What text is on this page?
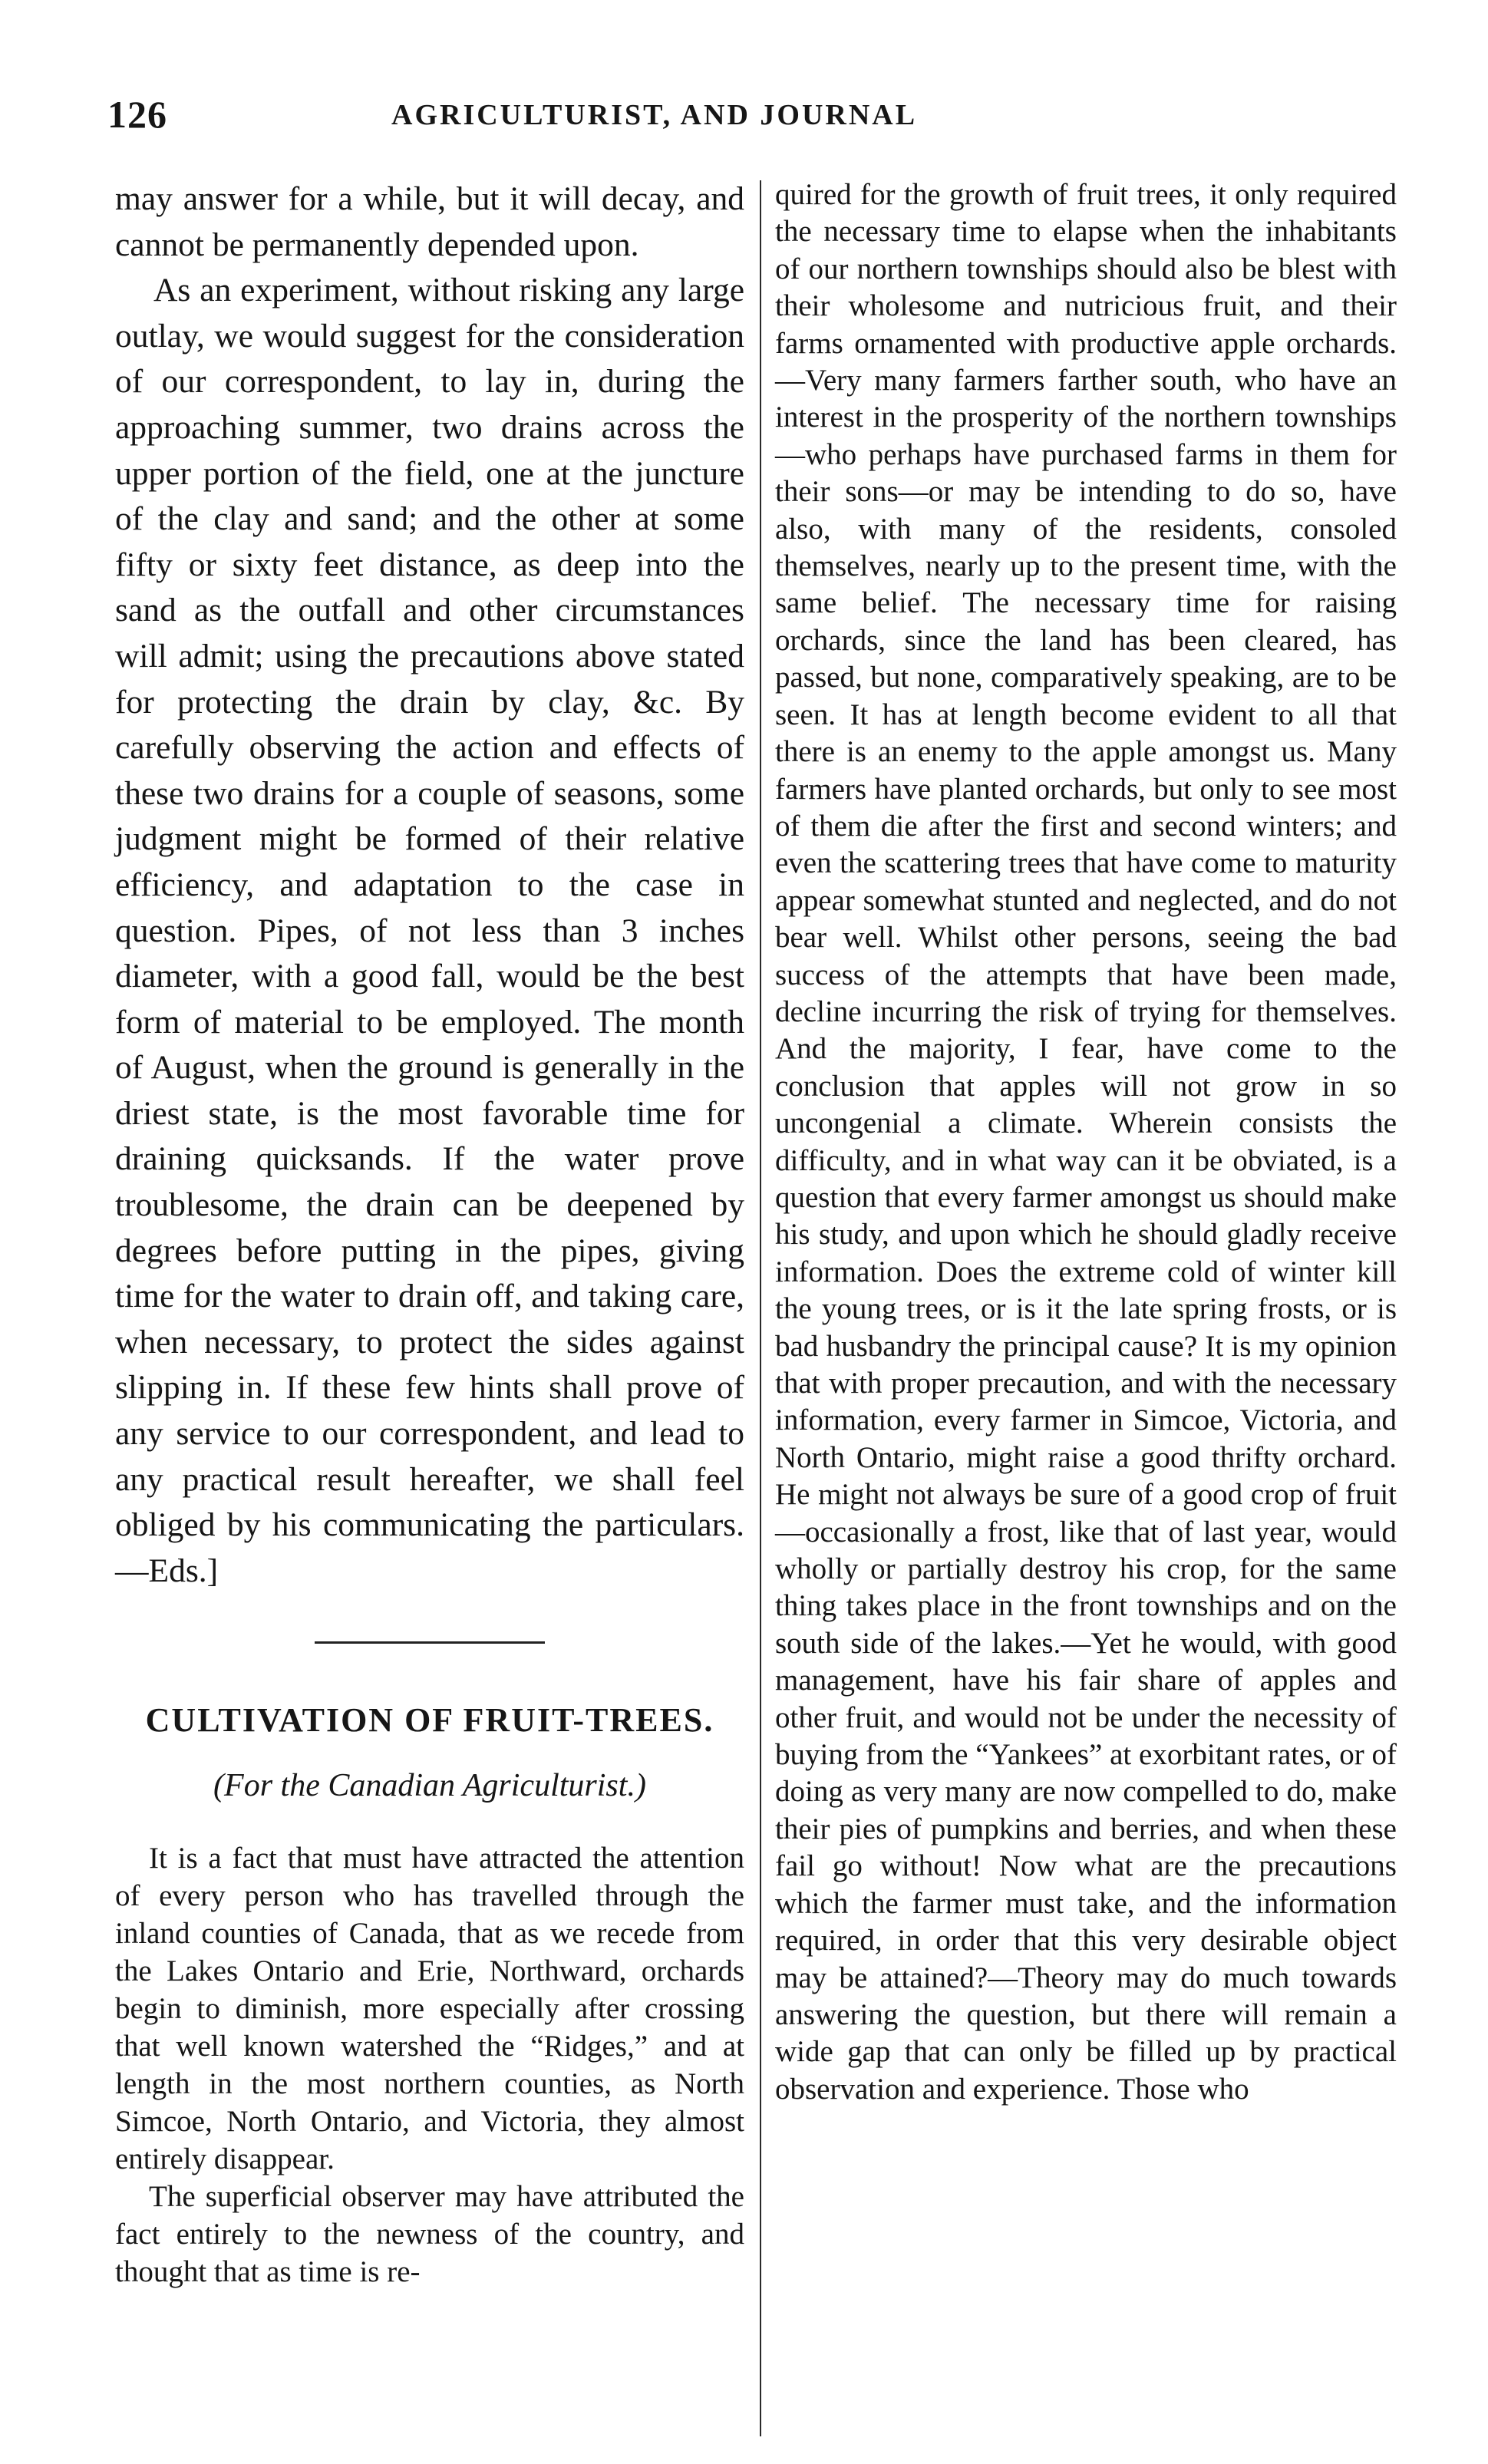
126	AGRICULTURIST, AND JOURNAL

may answer for a while, but it will decay, and cannot be permanently depended upon.

As an experiment, without risking any large outlay, we would suggest for the consideration of our correspondent, to lay in, during the approaching summer, two drains across the upper portion of the field, one at the juncture of the clay and sand; and the other at some fifty or sixty feet distance, as deep into the sand as the outfall and other circumstances will admit; using the precautions above stated for protecting the drain by clay, &c. By carefully observing the action and effects of these two drains for a couple of seasons, some judgment might be formed of their relative efficiency, and adaptation to the case in question. Pipes, of not less than 3 inches diameter, with a good fall, would be the best form of material to be employed. The month of August, when the ground is generally in the driest state, is the most favorable time for draining quicksands. If the water prove troublesome, the drain can be deepened by degrees before putting in the pipes, giving time for the water to drain off, and taking care, when necessary, to protect the sides against slipping in. If these few hints shall prove of any service to our correspondent, and lead to any practical result hereafter, we shall feel obliged by his communicating the particulars.—Eds.]

CULTIVATION OF FRUIT-TREES.
(For the Canadian Agriculturist.)

It is a fact that must have attracted the attention of every person who has travelled through the inland counties of Canada, that as we recede from the Lakes Ontario and Erie, Northward, orchards begin to diminish, more especially after crossing that well known watershed the “Ridges,” and at length in the most northern counties, as North Simcoe, North Ontario, and Victoria, they almost entirely disappear.

The superficial observer may have attributed the fact entirely to the newness of the country, and thought that as time is re-

quired for the growth of fruit trees, it only required the necessary time to elapse when the inhabitants of our northern townships should also be blest with their wholesome and nutricious fruit, and their farms ornamented with productive apple orchards.—Very many farmers farther south, who have an interest in the prosperity of the northern townships—who perhaps have purchased farms in them for their sons—or may be intending to do so, have also, with many of the residents, consoled themselves, nearly up to the present time, with the same belief. The necessary time for raising orchards, since the land has been cleared, has passed, but none, comparatively speaking, are to be seen. It has at length become evident to all that there is an enemy to the apple amongst us. Many farmers have planted orchards, but only to see most of them die after the first and second winters; and even the scattering trees that have come to maturity appear somewhat stunted and neglected, and do not bear well. Whilst other persons, seeing the bad success of the attempts that have been made, decline incurring the risk of trying for themselves. And the majority, I fear, have come to the conclusion that apples will not grow in so uncongenial a climate. Wherein consists the difficulty, and in what way can it be obviated, is a question that every farmer amongst us should make his study, and upon which he should gladly receive information. Does the extreme cold of winter kill the young trees, or is it the late spring frosts, or is bad husbandry the principal cause? It is my opinion that with proper precaution, and with the necessary information, every farmer in Simcoe, Victoria, and North Ontario, might raise a good thrifty orchard. He might not always be sure of a good crop of fruit—occasionally a frost, like that of last year, would wholly or partially destroy his crop, for the same thing takes place in the front townships and on the south side of the lakes.—Yet he would, with good management, have his fair share of apples and other fruit, and would not be under the necessity of buying from the “Yankees” at exorbitant rates, or of doing as very many are now compelled to do, make their pies of pumpkins and berries, and when these fail go without! Now what are the precautions which the farmer must take, and the information required, in order that this very desirable object may be attained?—Theory may do much towards answering the question, but there will remain a wide gap that can only be filled up by practical observation and experience. Those who
